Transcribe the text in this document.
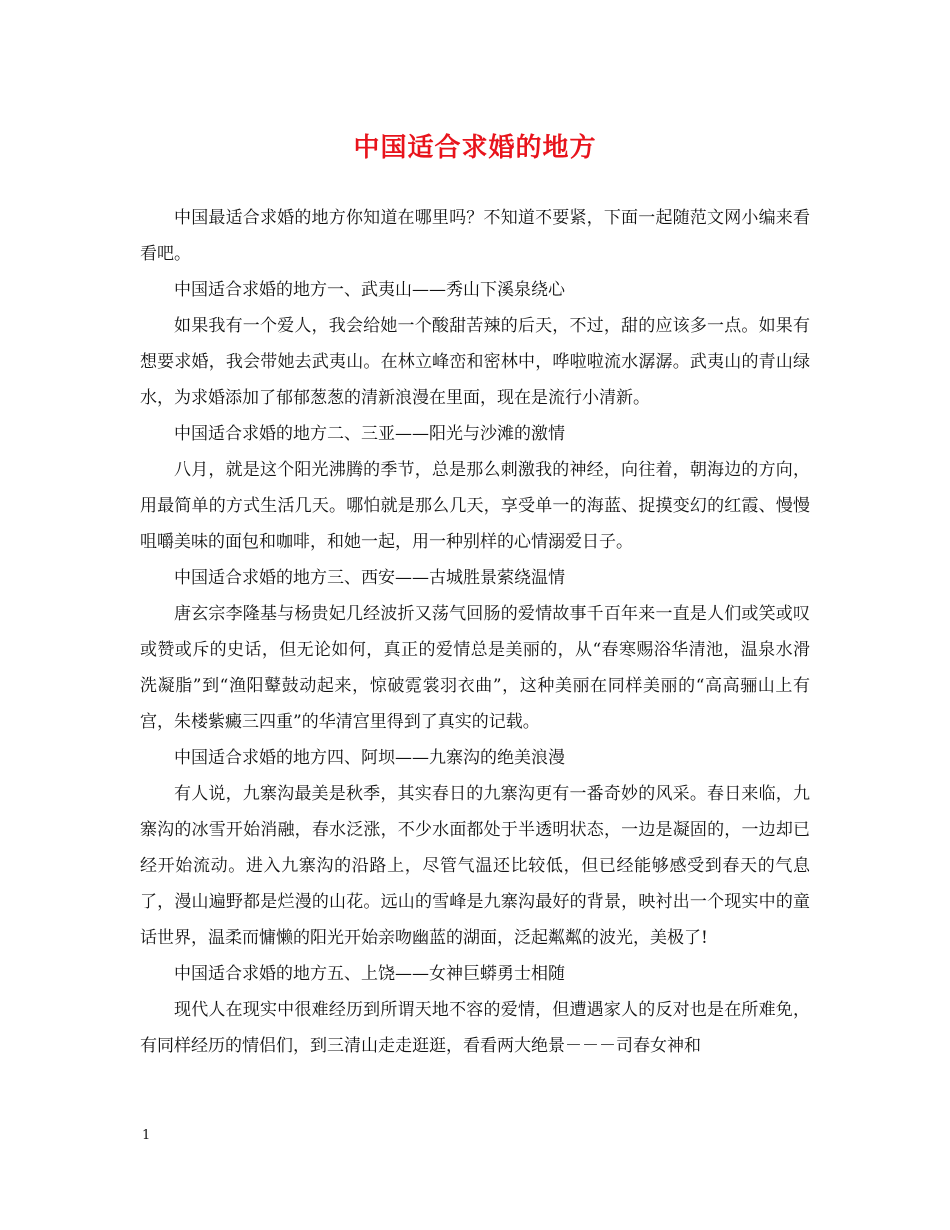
中国适合求婚的地方

中国最适合求婚的地方你知道在哪里吗？不知道不要紧，下面一起随范文网小编来看看吧。

中国适合求婚的地方一、武夷山——秀山下溪泉绕心

如果我有一个爱人，我会给她一个酸甜苦辣的后天，不过，甜的应该多一点。如果有想要求婚，我会带她去武夷山。在林立峰峦和密林中，哗啦啦流水潺潺。武夷山的青山绿水，为求婚添加了郁郁葱葱的清新浪漫在里面，现在是流行小清新。

中国适合求婚的地方二、三亚——阳光与沙滩的激情

八月，就是这个阳光沸腾的季节，总是那么刺激我的神经，向往着，朝海边的方向，用最简单的方式生活几天。哪怕就是那么几天，享受单一的海蓝、捉摸变幻的红霞、慢慢咀嚼美味的面包和咖啡，和她一起，用一种别样的心情溺爱日子。

中国适合求婚的地方三、西安——古城胜景萦绕温情

唐玄宗李隆基与杨贵妃几经波折又荡气回肠的爱情故事千百年来一直是人们或笑或叹或赞或斥的史话，但无论如何，真正的爱情总是美丽的，从“春寒赐浴华清池，温泉水滑洗凝脂”到“渔阳鼙鼓动起来，惊破霓裳羽衣曲”，这种美丽在同样美丽的“高高骊山上有宫，朱楼紫癜三四重”的华清宫里得到了真实的记载。

中国适合求婚的地方四、阿坝——九寨沟的绝美浪漫

有人说，九寨沟最美是秋季，其实春日的九寨沟更有一番奇妙的风采。春日来临，九寨沟的冰雪开始消融，春水泛涨，不少水面都处于半透明状态，一边是凝固的，一边却已经开始流动。进入九寨沟的沿路上，尽管气温还比较低，但已经能够感受到春天的气息了，漫山遍野都是烂漫的山花。远山的雪峰是九寨沟最好的背景，映衬出一个现实中的童话世界，温柔而慵懒的阳光开始亲吻幽蓝的湖面，泛起粼粼的波光，美极了!

中国适合求婚的地方五、上饶——女神巨蟒勇士相随

现代人在现实中很难经历到所谓天地不容的爱情，但遭遇家人的反对也是在所难免，有同样经历的情侣们，到三清山走走逛逛，看看两大绝景－－－司春女神和

1
